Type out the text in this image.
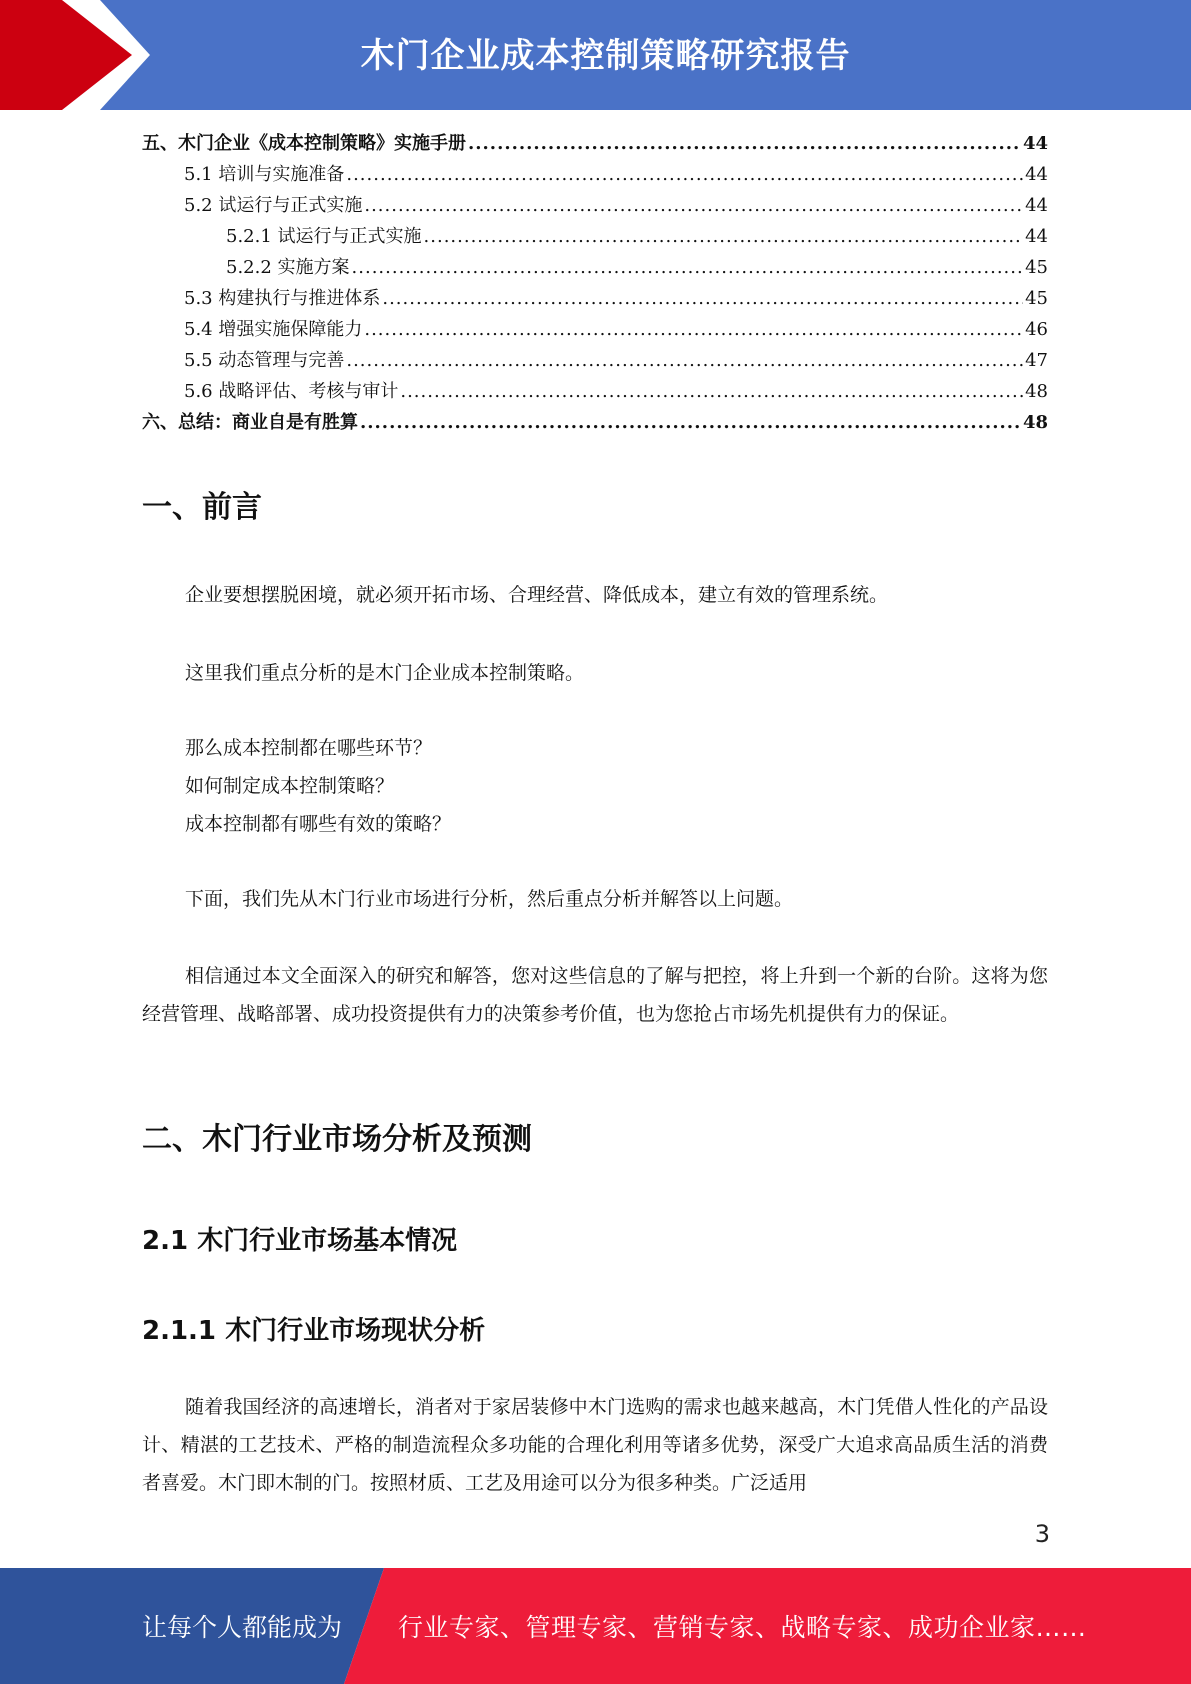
木门企业成本控制策略研究报告
五、木门企业《成本控制策略》实施手册 .....	44
5.1 培训与实施准备 .....	44
5.2 试运行与正式实施 .....	44
5.2.1 试运行与正式实施 .....	44
5.2.2 实施方案 .....	45
5.3 构建执行与推进体系 .....	45
5.4 增强实施保障能力 .....	46
5.5 动态管理与完善 .....	47
5.6 战略评估、考核与审计 .....	48
六、总结：商业自是有胜算 .....	48
一、前言

企业要想摆脱困境，就必须开拓市场、合理经营、降低成本，建立有效的管理系统。

这里我们重点分析的是木门企业成本控制策略。

那么成本控制都在哪些环节？
如何制定成本控制策略？
成本控制都有哪些有效的策略？

下面，我们先从木门行业市场进行分析，然后重点分析并解答以上问题。

相信通过本文全面深入的研究和解答，您对这些信息的了解与把控，将上升到一个新的台阶。这将为您经营管理、战略部署、成功投资提供有力的决策参考价值，也为您抢占市场先机提供有力的保证。

二、木门行业市场分析及预测
2.1 木门行业市场基本情况
2.1.1 木门行业市场现状分析

随着我国经济的高速增长，消者对于家居装修中木门选购的需求也越来越高，木门凭借人性化的产品设计、精湛的工艺技术、严格的制造流程众多功能的合理化利用等诸多优势，深受广大追求高品质生活的消费者喜爱。木门即木制的门。按照材质、工艺及用途可以分为很多种类。广泛适用

3
让每个人都能成为 行业专家、管理专家、营销专家、战略专家、成功企业家……
